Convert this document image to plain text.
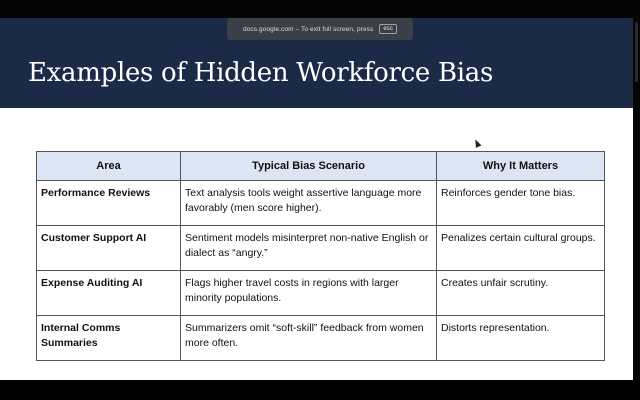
Examples of Hidden Workforce Bias
Area	Typical Bias Scenario	Why It Matters
Performance Reviews	Text analysis tools weight assertive language more favorably (men score higher).	Reinforces gender tone bias.
Customer Support AI	Sentiment models misinterpret non-native English or dialect as “angry.”	Penalizes certain cultural groups.
Expense Auditing AI	Flags higher travel costs in regions with larger minority populations.	Creates unfair scrutiny.
Internal Comms Summaries	Summarizers omit “soft-skill” feedback from women more often.	Distorts representation.
docs.google.com – To exit full screen, press	esc
